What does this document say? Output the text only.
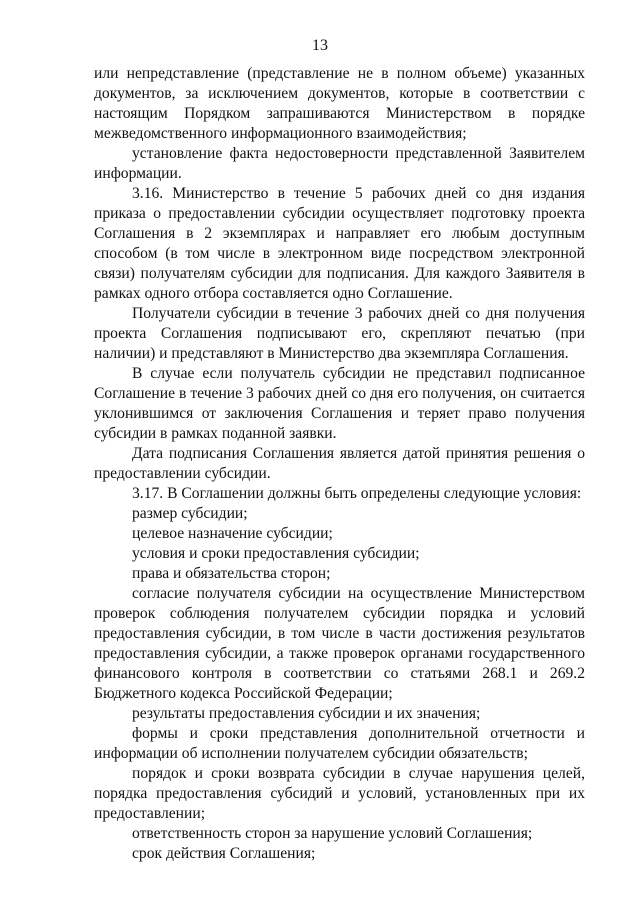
13

или непредставление (представление не в полном объеме) указанных документов, за исключением документов, которые в соответствии с настоящим Порядком запрашиваются Министерством в порядке межведомственного информационного взаимодействия;

установление факта недостоверности представленной Заявителем информации.

3.16. Министерство в течение 5 рабочих дней со дня издания приказа о предоставлении субсидии осуществляет подготовку проекта Соглашения в 2 экземплярах и направляет его любым доступным способом (в том числе в электронном виде посредством электронной связи) получателям субсидии для подписания. Для каждого Заявителя в рамках одного отбора составляется одно Соглашение.

Получатели субсидии в течение 3 рабочих дней со дня получения проекта Соглашения подписывают его, скрепляют печатью (при наличии) и представляют в Министерство два экземпляра Соглашения.

В случае если получатель субсидии не представил подписанное Соглашение в течение 3 рабочих дней со дня его получения, он считается уклонившимся от заключения Соглашения и теряет право получения субсидии в рамках поданной заявки.

Дата подписания Соглашения является датой принятия решения о предоставлении субсидии.

3.17. В Соглашении должны быть определены следующие условия:

размер субсидии;

целевое назначение субсидии;

условия и сроки предоставления субсидии;

права и обязательства сторон;

согласие получателя субсидии на осуществление Министерством проверок соблюдения получателем субсидии порядка и условий предоставления субсидии, в том числе в части достижения результатов предоставления субсидии, а также проверок органами государственного финансового контроля в соответствии со статьями 268.1 и 269.2 Бюджетного кодекса Российской Федерации;

результаты предоставления субсидии и их значения;

формы и сроки представления дополнительной отчетности и информации об исполнении получателем субсидии обязательств;

порядок и сроки возврата субсидии в случае нарушения целей, порядка предоставления субсидий и условий, установленных при их предоставлении;

ответственность сторон за нарушение условий Соглашения;

срок действия Соглашения;
